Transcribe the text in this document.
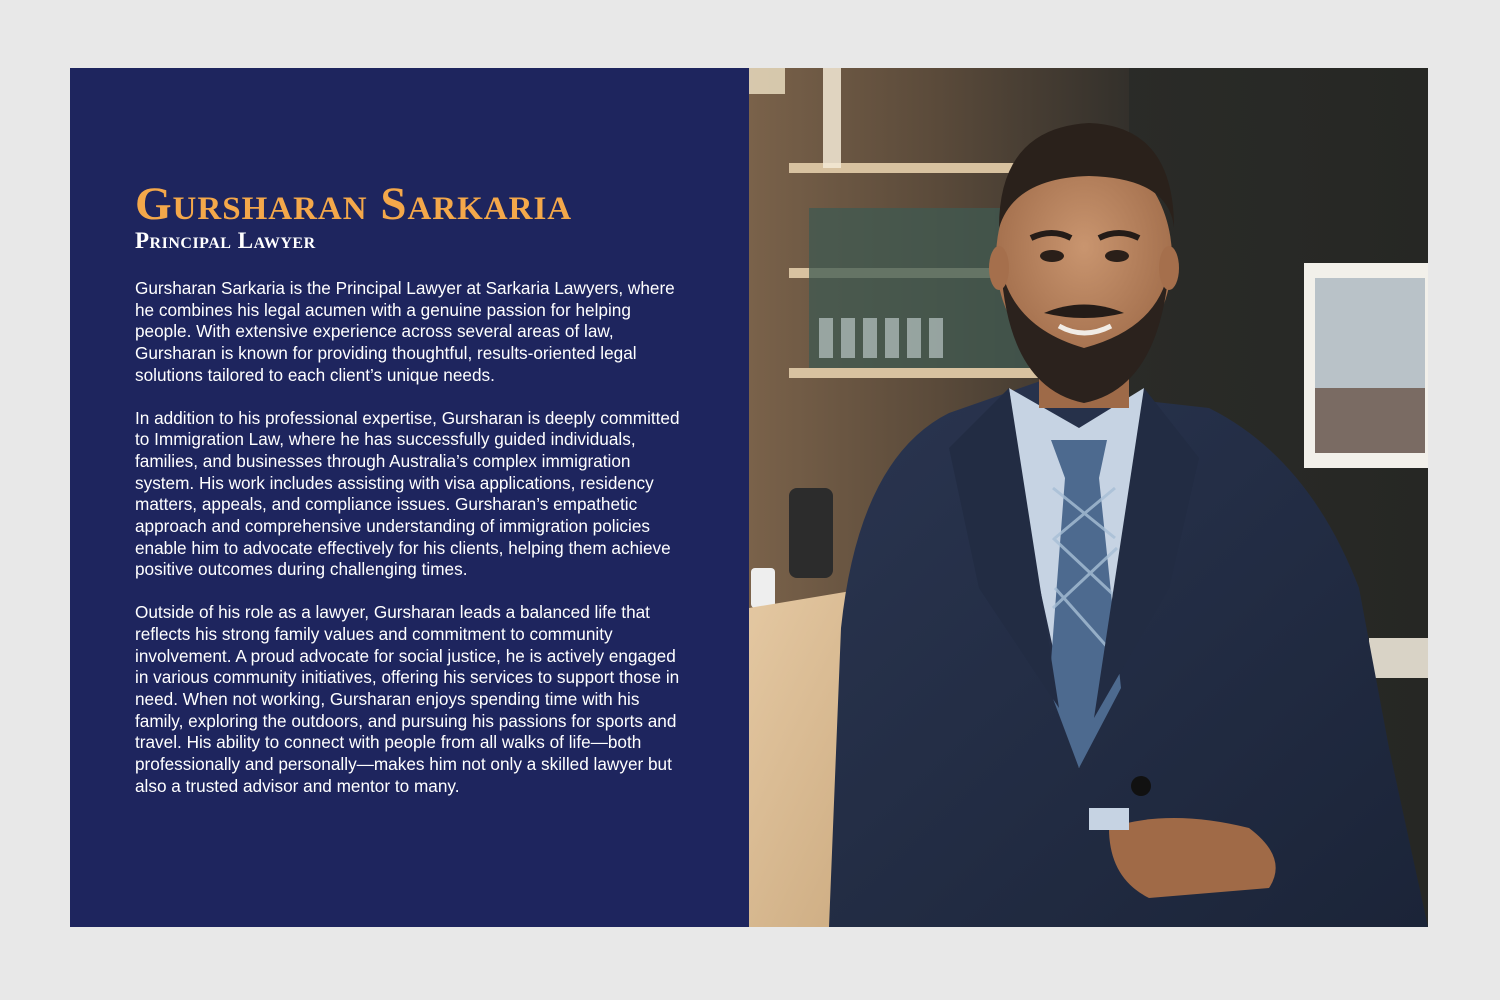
Gursharan Sarkaria
Principal Lawyer

Gursharan Sarkaria is the Principal Lawyer at Sarkaria Lawyers, where he combines his legal acumen with a genuine passion for helping people. With extensive experience across several areas of law, Gursharan is known for providing thoughtful, results-oriented legal solutions tailored to each client’s unique needs.

In addition to his professional expertise, Gursharan is deeply committed to Immigration Law, where he has successfully guided individuals, families, and businesses through Australia’s complex immigration system. His work includes assisting with visa applications, residency matters, appeals, and compliance issues. Gursharan’s empathetic approach and comprehensive understanding of immigration policies enable him to advocate effectively for his clients, helping them achieve positive outcomes during challenging times.

Outside of his role as a lawyer, Gursharan leads a balanced life that reflects his strong family values and commitment to community involvement. A proud advocate for social justice, he is actively engaged in various community initiatives, offering his services to support those in need. When not working, Gursharan enjoys spending time with his family, exploring the outdoors, and pursuing his passions for sports and travel. His ability to connect with people from all walks of life—both professionally and personally—makes him not only a skilled lawyer but also a trusted advisor and mentor to many.
